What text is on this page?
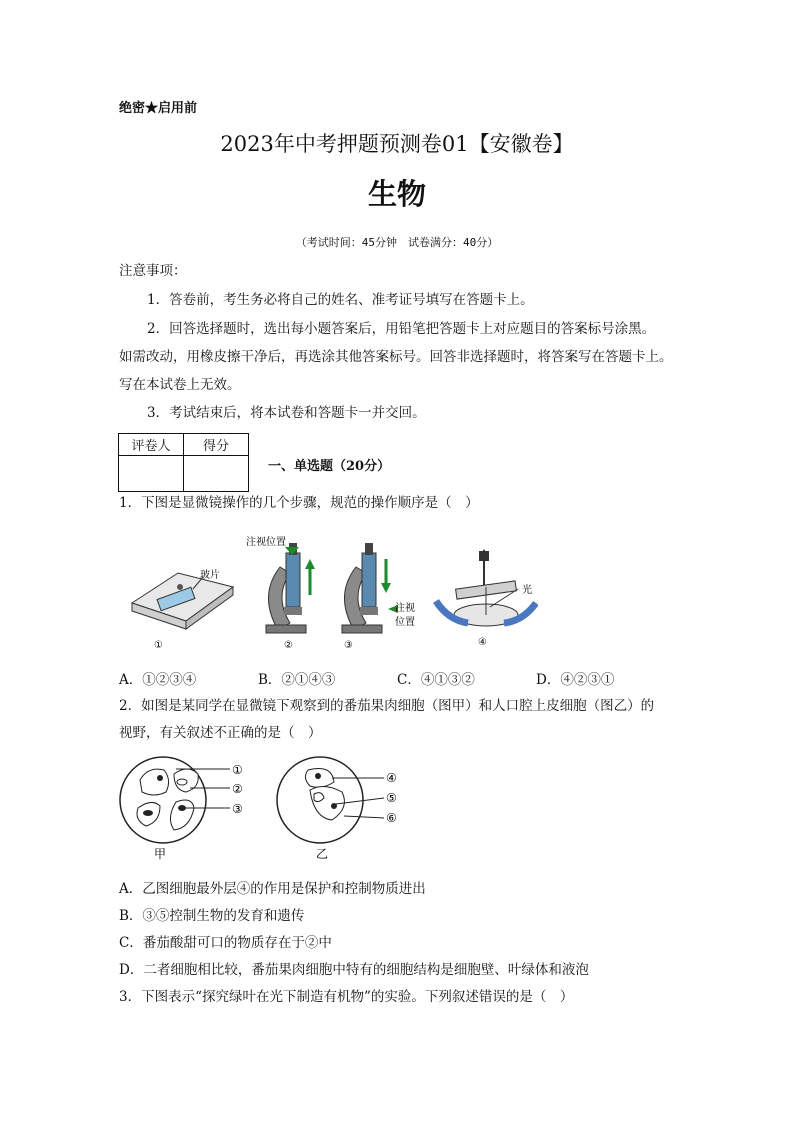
绝密★启用前
2023年中考押题预测卷01【安徽卷】
生物
（考试时间：45分钟　试卷满分：40分）
注意事项：
1．答卷前，考生务必将自己的姓名、准考证号填写在答题卡上。
2．回答选择题时，选出每小题答案后，用铅笔把答题卡上对应题目的答案标号涂黑。
如需改动，用橡皮擦干净后，再选涂其他答案标号。回答非选择题时，将答案写在答题卡上。
写在本试卷上无效。
3．考试结束后，将本试卷和答题卡一并交回。
评卷人	得分

一、单选题（20分）
1．下图是显微镜操作的几个步骤，规范的操作顺序是（　）
玻片
①
注视位置
②
注视
位置
③
光
④
A．①②③④	B．②①④③	C．④①③②	D．④②③①
2．如图是某同学在显微镜下观察到的番茄果肉细胞（图甲）和人口腔上皮细胞（图乙）的
视野，有关叙述不正确的是（　）
①
②
③
甲
④
⑤
⑥
乙
A．乙图细胞最外层④的作用是保护和控制物质进出
B．③⑤控制生物的发育和遗传
C．番茄酸甜可口的物质存在于②中
D．二者细胞相比较，番茄果肉细胞中特有的细胞结构是细胞壁、叶绿体和液泡
3．下图表示“探究绿叶在光下制造有机物”的实验。下列叙述错误的是（　）
